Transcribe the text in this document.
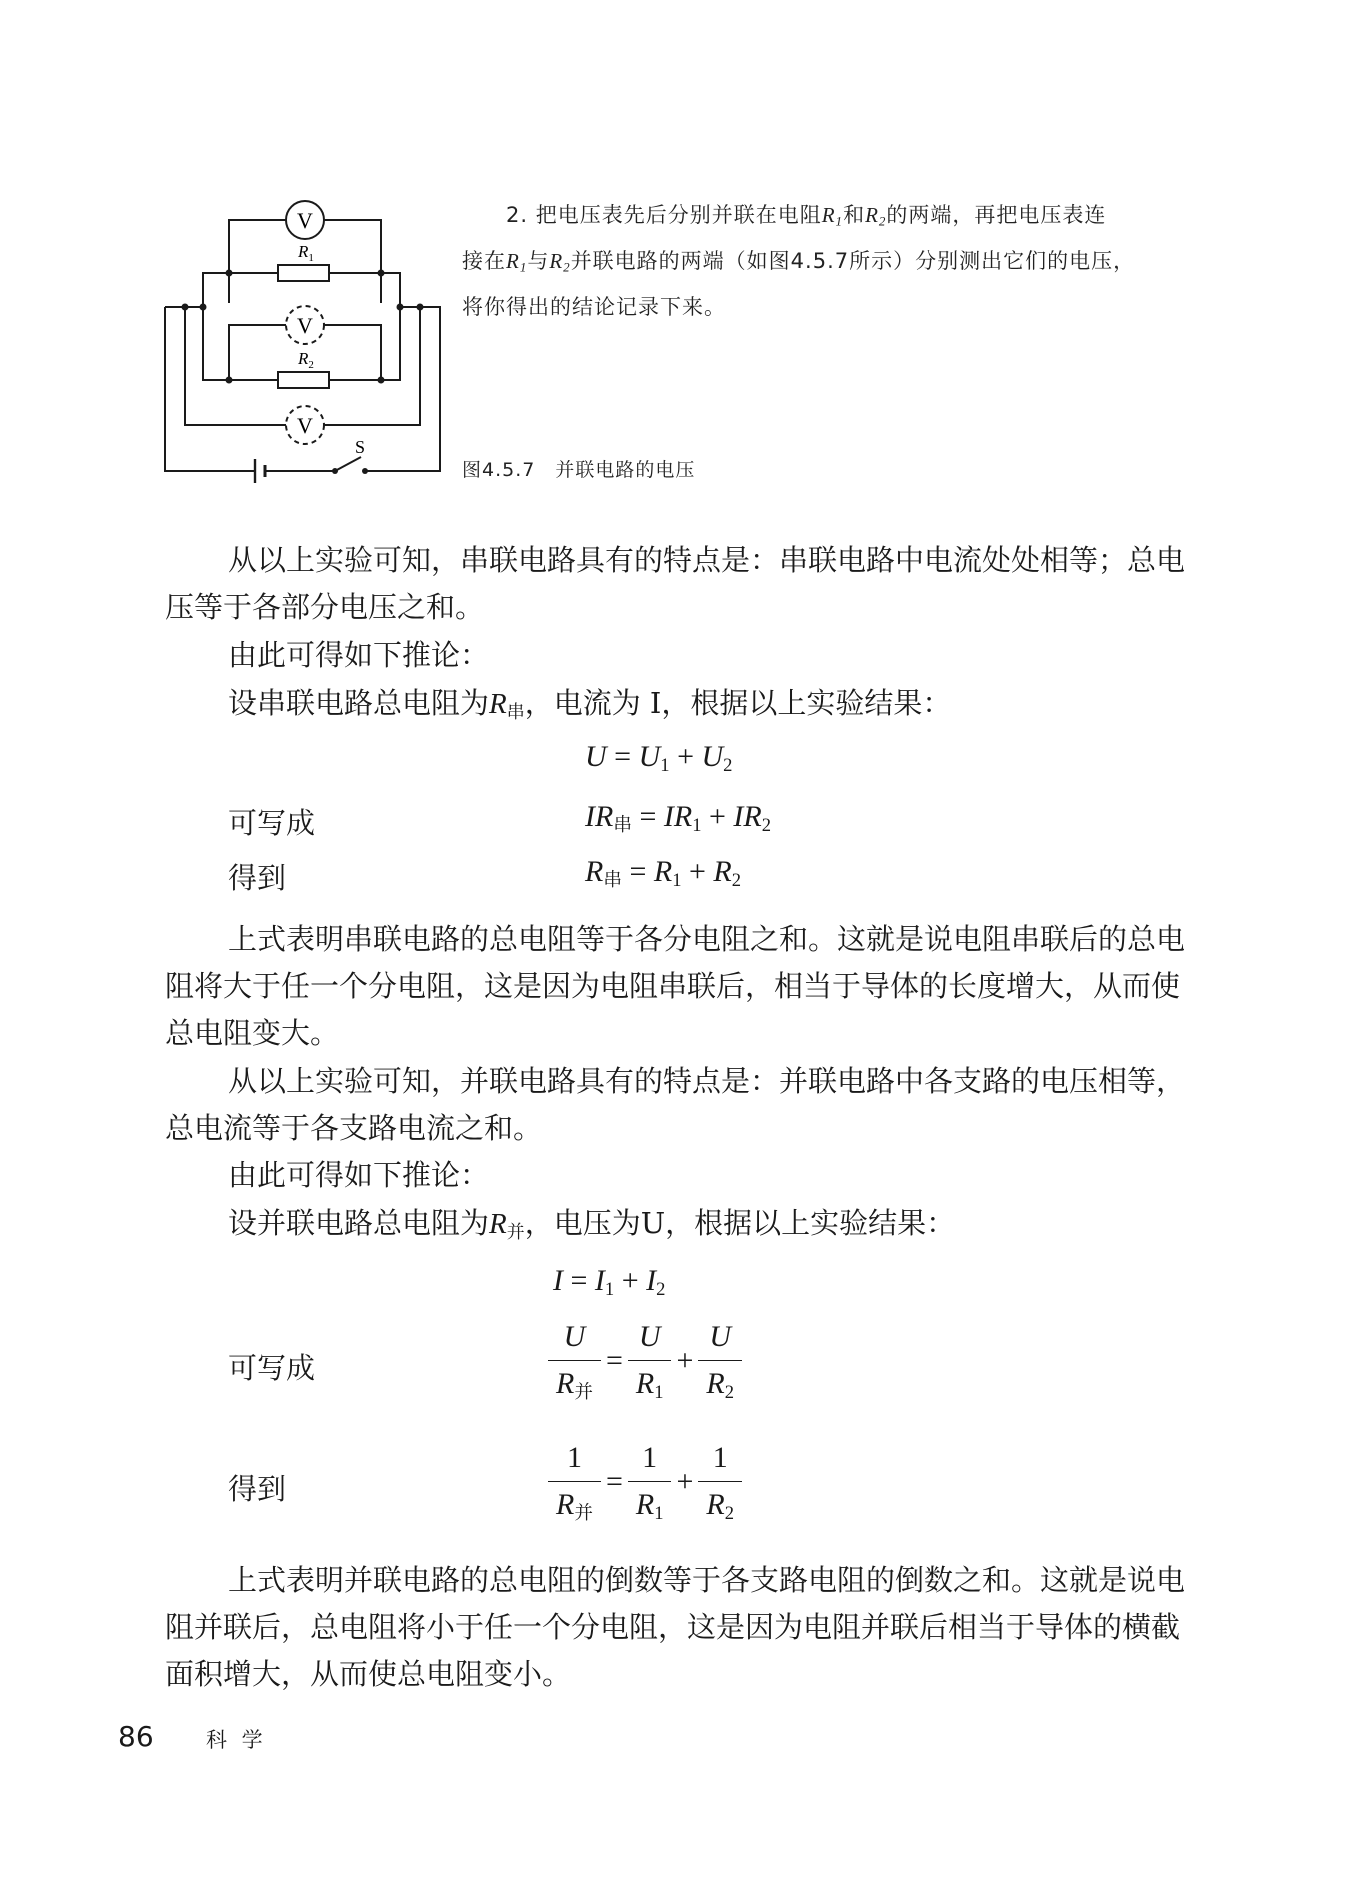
V
V
V
$R_1$
$R_2$
S
2. 把电压表先后分别并联在电阻$R_1$和$R_2$的两端，再把电压表连
接在$R_1$与$R_2$并联电路的两端（如图4.5.7所示）分别测出它们的电压，
将你得出的结论记录下来。
图4.5.7　并联电路的电压
从以上实验可知，串联电路具有的特点是：串联电路中电流处处相等；总电压等于各部分电压之和。
由此可得如下推论：
设串联电路总电阻为$R_串$，电流为 I，根据以上实验结果：
$U = U_1 + U_2$
可写成	$IR_串 = IR_1 + IR_2$
得到	$R_串 = R_1 + R_2$
上式表明串联电路的总电阻等于各分电阻之和。这就是说电阻串联后的总电阻将大于任一个分电阻，这是因为电阻串联后，相当于导体的长度增大，从而使总电阻变大。
从以上实验可知，并联电路具有的特点是：并联电路中各支路的电压相等，总电流等于各支路电流之和。
由此可得如下推论：
设并联电路总电阻为$R_并$，电压为U，根据以上实验结果：
$I = I_1 + I_2$
可写成	$\frac{U}{R_并} = \frac{U}{R_1} + \frac{U}{R_2}$
得到	$\frac{1}{R_并} = \frac{1}{R_1} + \frac{1}{R_2}$
上式表明并联电路的总电阻的倒数等于各支路电阻的倒数之和。这就是说电阻并联后，总电阻将小于任一个分电阻，这是因为电阻并联后相当于导体的横截面积增大，从而使总电阻变小。
86 科 学
